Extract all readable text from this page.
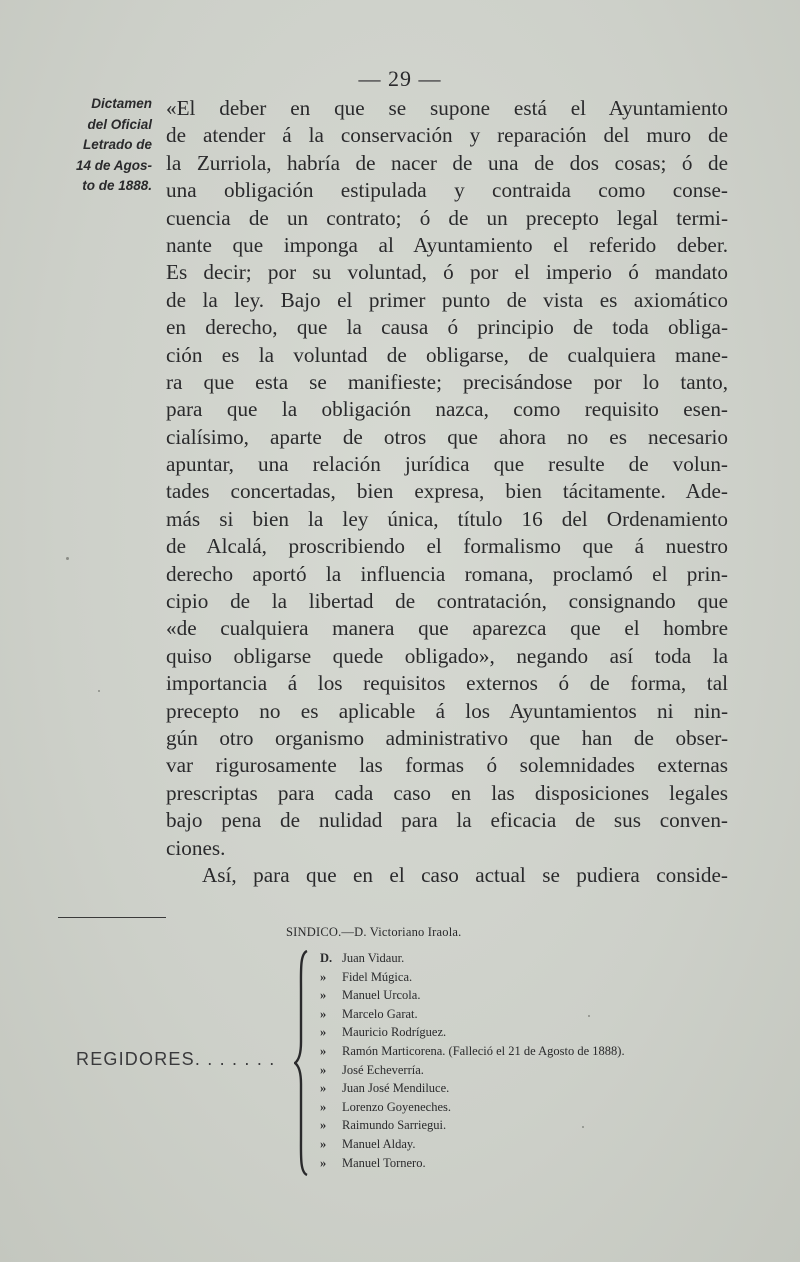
— 29 —
Dictamen
del Oficial
Letrado de
14 de Agos-
to de 1888.
«El deber en que se supone está el Ayuntamiento
de atender á la conservación y reparación del muro de
la Zurriola, habría de nacer de una de dos cosas; ó de
una obligación estipulada y contraida como conse-
cuencia de un contrato; ó de un precepto legal termi-
nante que imponga al Ayuntamiento el referido deber.
Es decir; por su voluntad, ó por el imperio ó mandato
de la ley. Bajo el primer punto de vista es axiomático
en derecho, que la causa ó principio de toda obliga-
ción es la voluntad de obligarse, de cualquiera mane-
ra que esta se manifieste; precisándose por lo tanto,
para que la obligación nazca, como requisito esen-
cialísimo, aparte de otros que ahora no es necesario
apuntar, una relación jurídica que resulte de volun-
tades concertadas, bien expresa, bien tácitamente. Ade-
más si bien la ley única, título 16 del Ordenamiento
de Alcalá, proscribiendo el formalismo que á nuestro
derecho aportó la influencia romana, proclamó el prin-
cipio de la libertad de contratación, consignando que
«de cualquiera manera que aparezca que el hombre
quiso obligarse quede obligado», negando así toda la
importancia á los requisitos externos ó de forma, tal
precepto no es aplicable á los Ayuntamientos ni nin-
gún otro organismo administrativo que han de obser-
var rigurosamente las formas ó solemnidades externas
prescriptas para cada caso en las disposiciones legales
bajo pena de nulidad para la eficacia de sus conven-
ciones.
Así, para que en el caso actual se pudiera conside-
SINDICO.—D. Victoriano Iraola.
REGIDORES. . . . . . .
D. Juan Vidaur.
» Fidel Múgica.
» Manuel Urcola.
» Marcelo Garat.
» Mauricio Rodríguez.
» Ramón Marticorena. (Falleció el 21 de Agosto de 1888).
» José Echeverría.
» Juan José Mendiluce.
» Lorenzo Goyeneches.
» Raimundo Sarriegui.
» Manuel Alday.
» Manuel Tornero.
